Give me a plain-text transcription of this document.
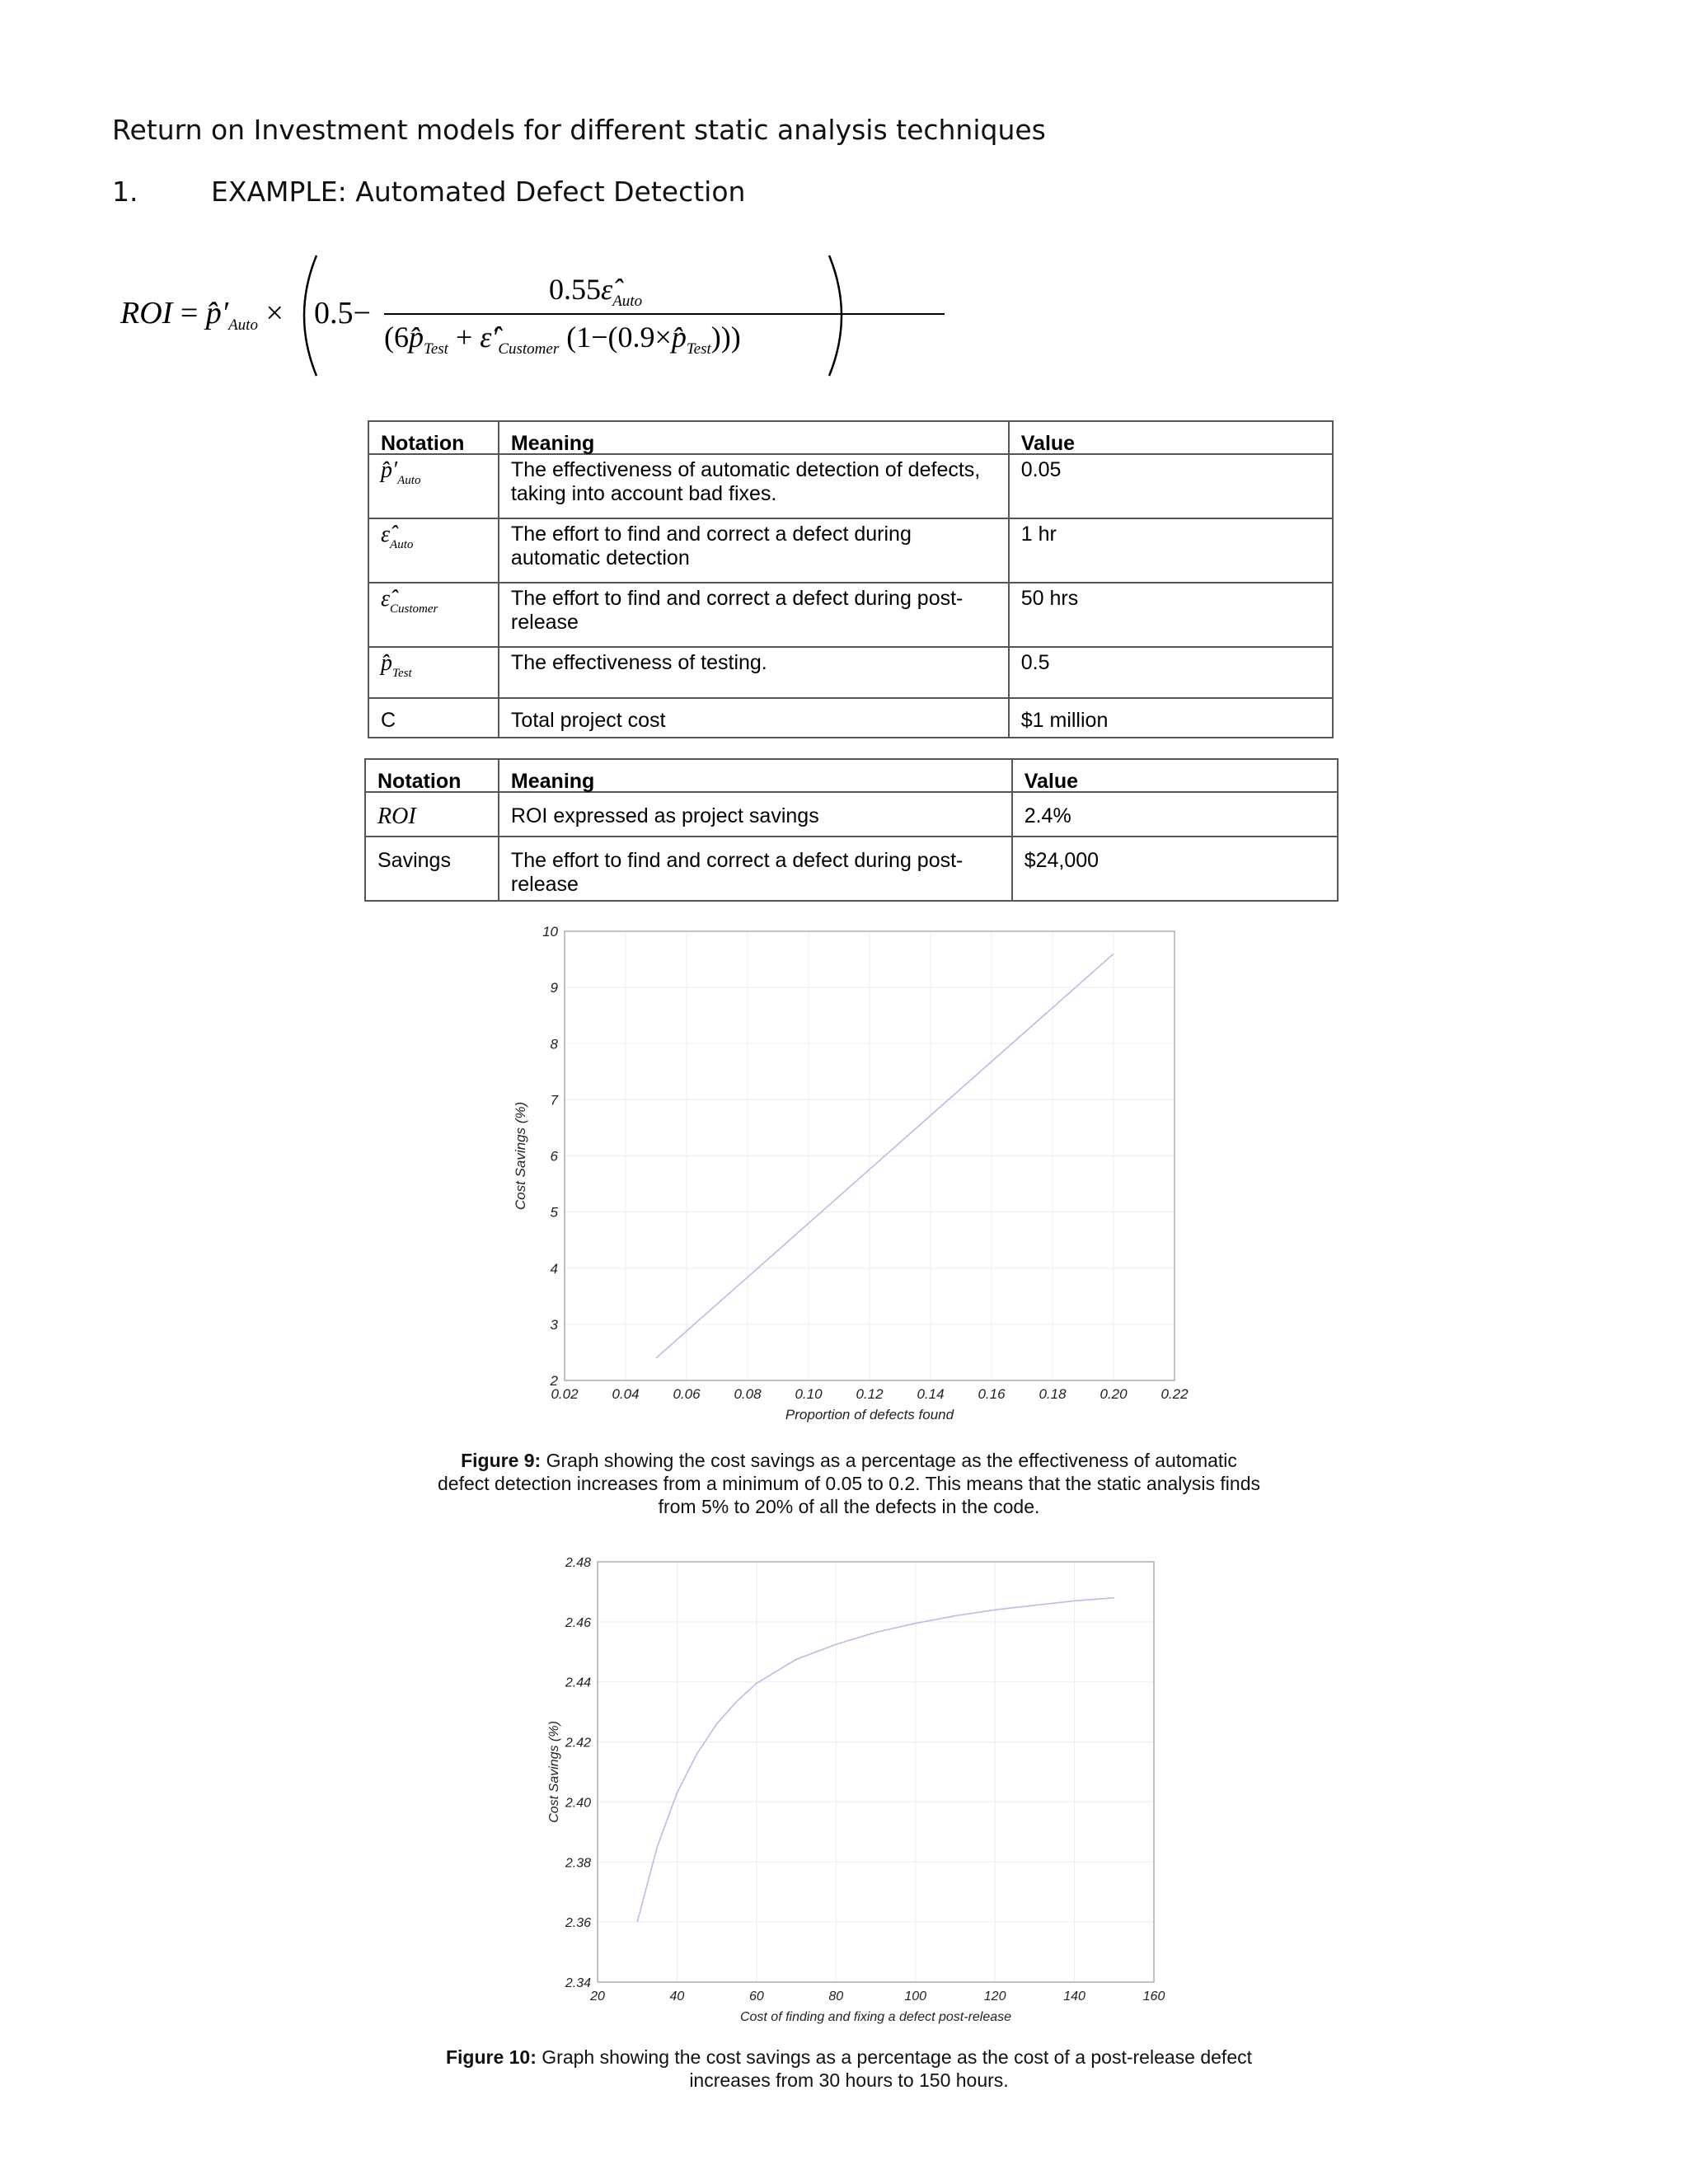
Return on Investment models for different static analysis techniques
1.	EXAMPLE: Automated Defect Detection
ROI = $p̂'_{Auto} \times 0.5-$
$0.55\varepsilon̂_{Auto}$
($6p̂_{Test}$ + $\varepsilon̂'_{Customer}$ $(1-(0.9\times p̂_{Test}))$)
Notation	Meaning	Value
$p̂'_{Auto}$	The effectiveness of automatic detection of defects, taking into account bad fixes.	0.05
$\varepsilon̂_{Auto}$	The effort to find and correct a defect during automatic detection	1 hr
$\varepsilon̂_{Customer}$	The effort to find and correct a defect during post-release	50 hrs
$p̂_{Test}$	The effectiveness of testing.	0.5
C	Total project cost	$1 million
Notation	Meaning	Value
ROI	ROI expressed as project savings	2.4%
Savings	The effort to find and correct a defect during post-release	$24,000
0.02 0.04 0.06 0.08 0.10 0.12 0.14 0.16 0.18 0.20 0.22
2
3
4
5
6
7
8
9
10
Proportion of defects found
Cost Savings (%)
Figure 9: Graph showing the cost savings as a percentage as the effectiveness of automatic defect detection increases from a minimum of 0.05 to 0.2. This means that the static analysis finds from 5% to 20% of all the defects in the code.
20	40	60	80	100	120	140	160
2.34
2.36
2.38
2.40
2.42
2.44
2.46
2.48
Cost of finding and fixing a defect post-release
Cost Savings (%)
Figure 10: Graph showing the cost savings as a percentage as the cost of a post-release defect increases from 30 hours to 150 hours.
